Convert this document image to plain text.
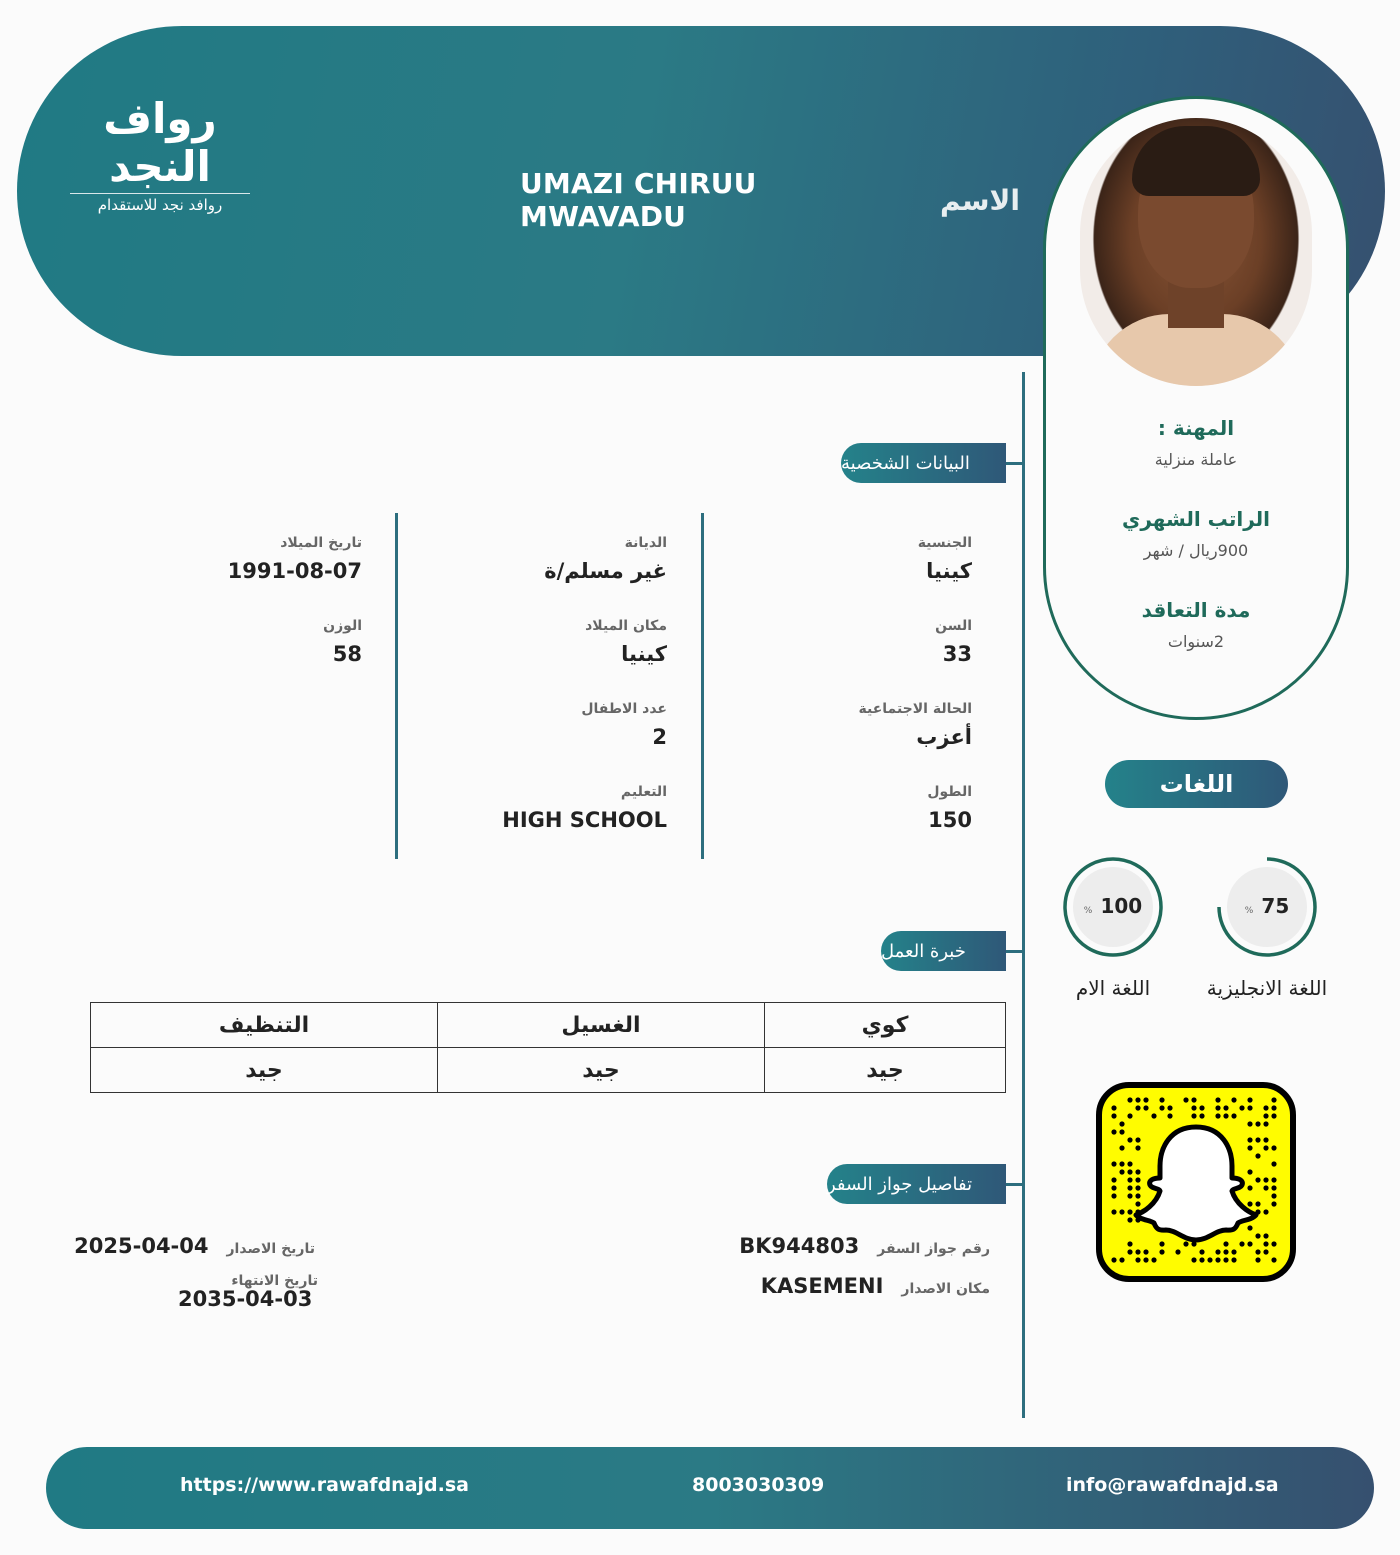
رواف النجد
روافد نجد للاستقدام
UMAZI CHIRUU MWAVADU	الاسم
المهنة :
عاملة منزلية
الراتب الشهري
900ريال / شهر
مدة التعاقد
2سنوات
البيانات الشخصية
الجنسية
كينيا
السن
33
الحالة الاجتماعية
أعزب
الطول
150
الديانة
غير مسلم/ة
مكان الميلاد
كينيا
عدد الاطفال
2
التعليم
HIGH SCHOOL
تاريخ الميلاد
1991-08-07
الوزن
58
خبرة العمل
كوي	الغسيل	التنظيف
جيد	جيد	جيد
تفاصيل جواز السفر
رقم جواز السفر
BK944803
مكان الاصدار
KASEMENI
تاريخ الاصدار
2025-04-04
تاريخ الانتهاء
2035-04-03
اللغات
% 75
اللغة الانجليزية
% 100
اللغة الام
https://www.rawafdnajd.sa	8003030309	info@rawafdnajd.sa
